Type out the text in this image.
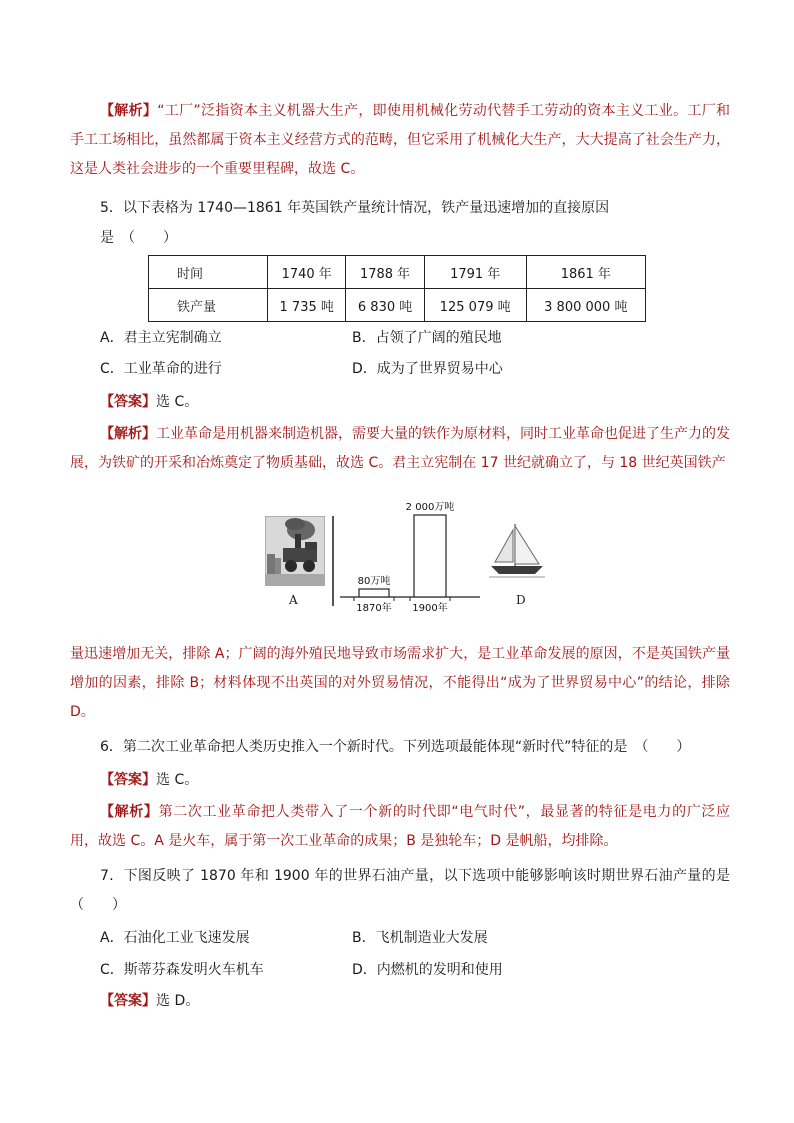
【解析】“工厂”泛指资本主义机器大生产，即使用机械化劳动代替手工劳动的资本主义工业。工厂和手工工场相比，虽然都属于资本主义经营方式的范畴，但它采用了机械化大生产，大大提高了社会生产力，这是人类社会进步的一个重要里程碑，故选 C。

5．以下表格为 1740—1861 年英国铁产量统计情况，铁产量迅速增加的直接原因
是　（　　）
时间	1740 年	1788 年	1791 年	1861 年
铁产量	1 735 吨	6 830 吨	125 079 吨	3 800 000 吨
A．君主立宪制确立	B．占领了广阔的殖民地
C．工业革命的进行	D．成为了世界贸易中心
【答案】选 C。

【解析】工业革命是用机器来制造机器，需要大量的铁作为原材料，同时工业革命也促进了生产力的发展，为铁矿的开采和冶炼奠定了物质基础，故选 C。君主立宪制在 17 世纪就确立了，与 18 世纪英国铁产

80万吨
1870年
2 000万吨
1900年
A	D

量迅速增加无关，排除 A；广阔的海外殖民地导致市场需求扩大，是工业革命发展的原因，不是英国铁产量增加的因素，排除 B；材料体现不出英国的对外贸易情况，不能得出“成为了世界贸易中心”的结论，排除 D。

6．第二次工业革命把人类历史推入一个新时代。下列选项最能体现“新时代”特征的是　（　　）
【答案】选 C。

【解析】第二次工业革命把人类带入了一个新的时代即“电气时代”，最显著的特征是电力的广泛应用，故选 C。A 是火车，属于第一次工业革命的成果；B 是独轮车；D 是帆船，均排除。

7．下图反映了 1870 年和 1900 年的世界石油产量，以下选项中能够影响该时期世界石油产量的是　（　　）

A．石油化工业飞速发展	B．飞机制造业大发展
C．斯蒂芬森发明火车机车	D．内燃机的发明和使用
【答案】选 D。
